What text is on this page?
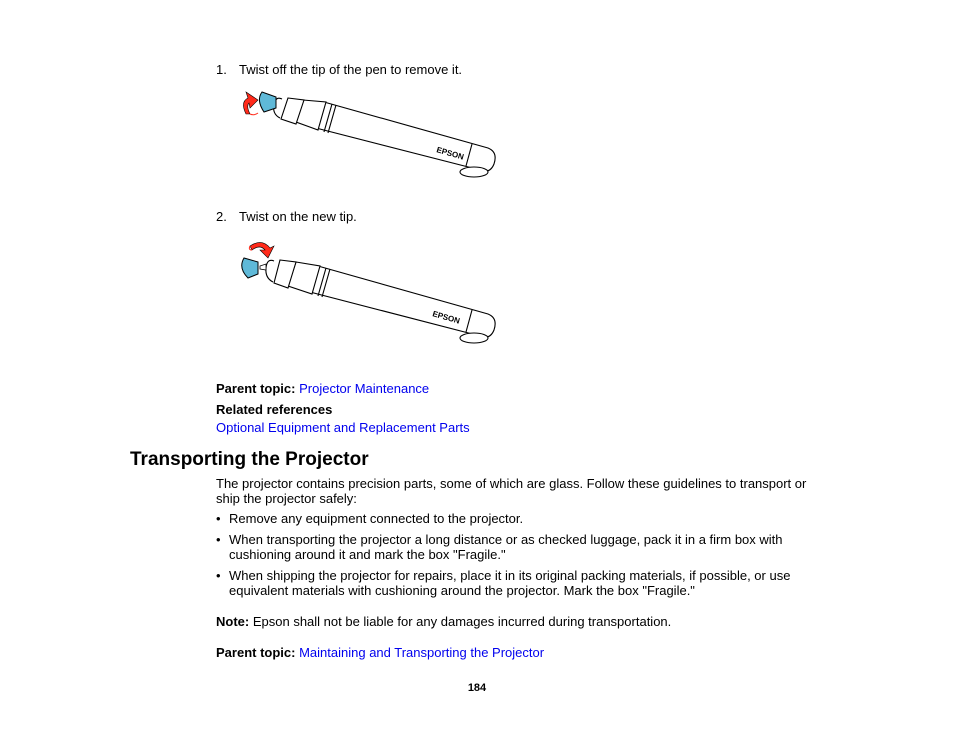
1. Twist off the tip of the pen to remove it.
EPSON
2. Twist on the new tip.
EPSON
Parent topic: Projector Maintenance
Related references
Optional Equipment and Replacement Parts
Transporting the Projector
The projector contains precision parts, some of which are glass. Follow these guidelines to transport or ship the projector safely:
• Remove any equipment connected to the projector.
• When transporting the projector a long distance or as checked luggage, pack it in a firm box with cushioning around it and mark the box "Fragile."
• When shipping the projector for repairs, place it in its original packing materials, if possible, or use equivalent materials with cushioning around the projector. Mark the box "Fragile."
Note: Epson shall not be liable for any damages incurred during transportation.
Parent topic: Maintaining and Transporting the Projector
184
